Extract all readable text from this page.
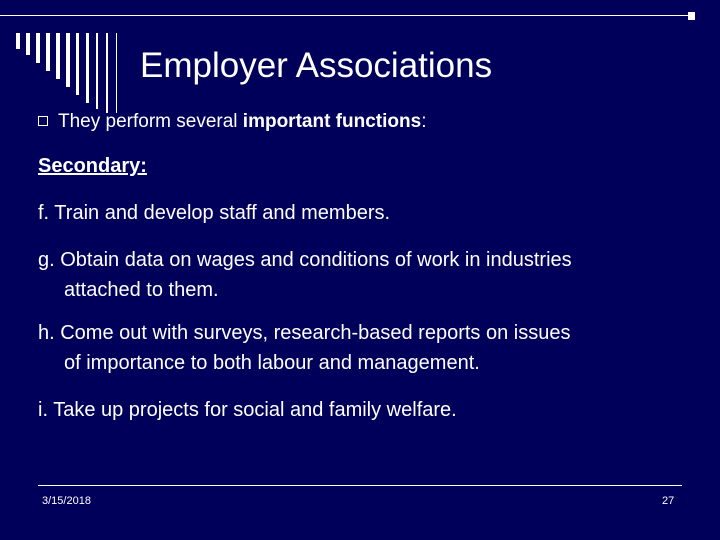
Employer Associations
They perform several important functions:
Secondary:
f. Train and develop staff and members.
g. Obtain data on wages and conditions of work in industries
attached to them.
h. Come out with surveys, research-based reports on issues
of importance to both labour and management.
i. Take up projects for social and family welfare.
3/15/2018	27
